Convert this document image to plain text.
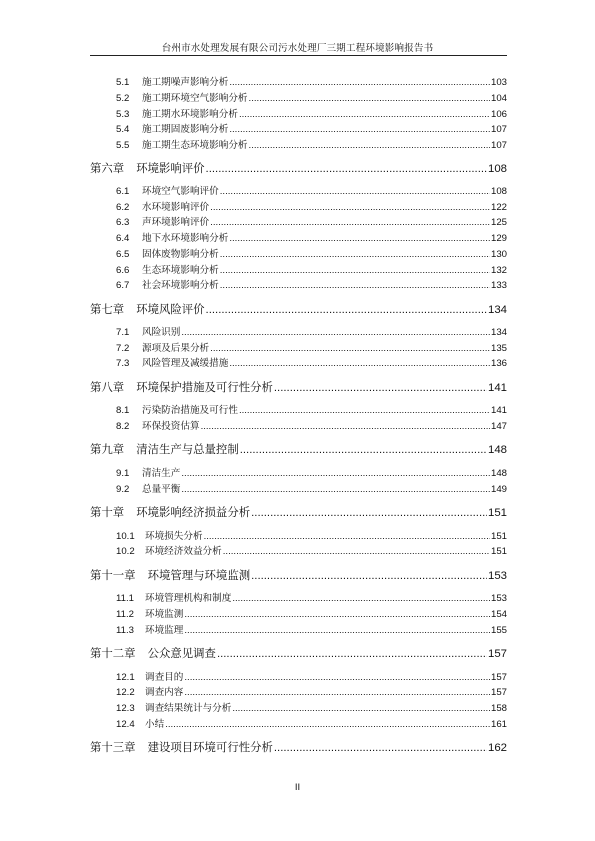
台州市水处理发展有限公司污水处理厂三期工程环境影响报告书
5.1	施工期噪声影响分析 .....	103
5.2	施工期环境空气影响分析 .....	104
5.3	施工期水环境影响分析 .....	106
5.4	施工期固废影响分析 .....	107
5.5	施工期生态环境影响分析 .....	107
第六章 环境影响评价 .....	108
6.1	环境空气影响评价 .....	108
6.2	水环境影响评价 .....	122
6.3	声环境影响评价 .....	125
6.4	地下水环境影响分析 .....	129
6.5	固体废物影响分析 .....	130
6.6	生态环境影响分析 .....	132
6.7	社会环境影响分析 .....	133
第七章 环境风险评价 .....	134
7.1	风险识别 .....	134
7.2	源项及后果分析 .....	135
7.3	风险管理及减缓措施 .....	136
第八章 环境保护措施及可行性分析 .....	141
8.1	污染防治措施及可行性 .....	141
8.2	环保投资估算 .....	147
第九章 清洁生产与总量控制 .....	148
9.1	清洁生产 .....	148
9.2	总量平衡 .....	149
第十章 环境影响经济损益分析 .....	151
10.1	环境损失分析 .....	151
10.2	环境经济效益分析 .....	151
第十一章 环境管理与环境监测 .....	153
11.1	环境管理机构和制度 .....	153
11.2	环境监测 .....	154
11.3	环境监理 .....	155
第十二章 公众意见调查 .....	157
12.1	调查目的 .....	157
12.2	调查内容 .....	157
12.3	调查结果统计与分析 .....	158
12.4	小结 .....	161
第十三章 建设项目环境可行性分析 .....	162
II
